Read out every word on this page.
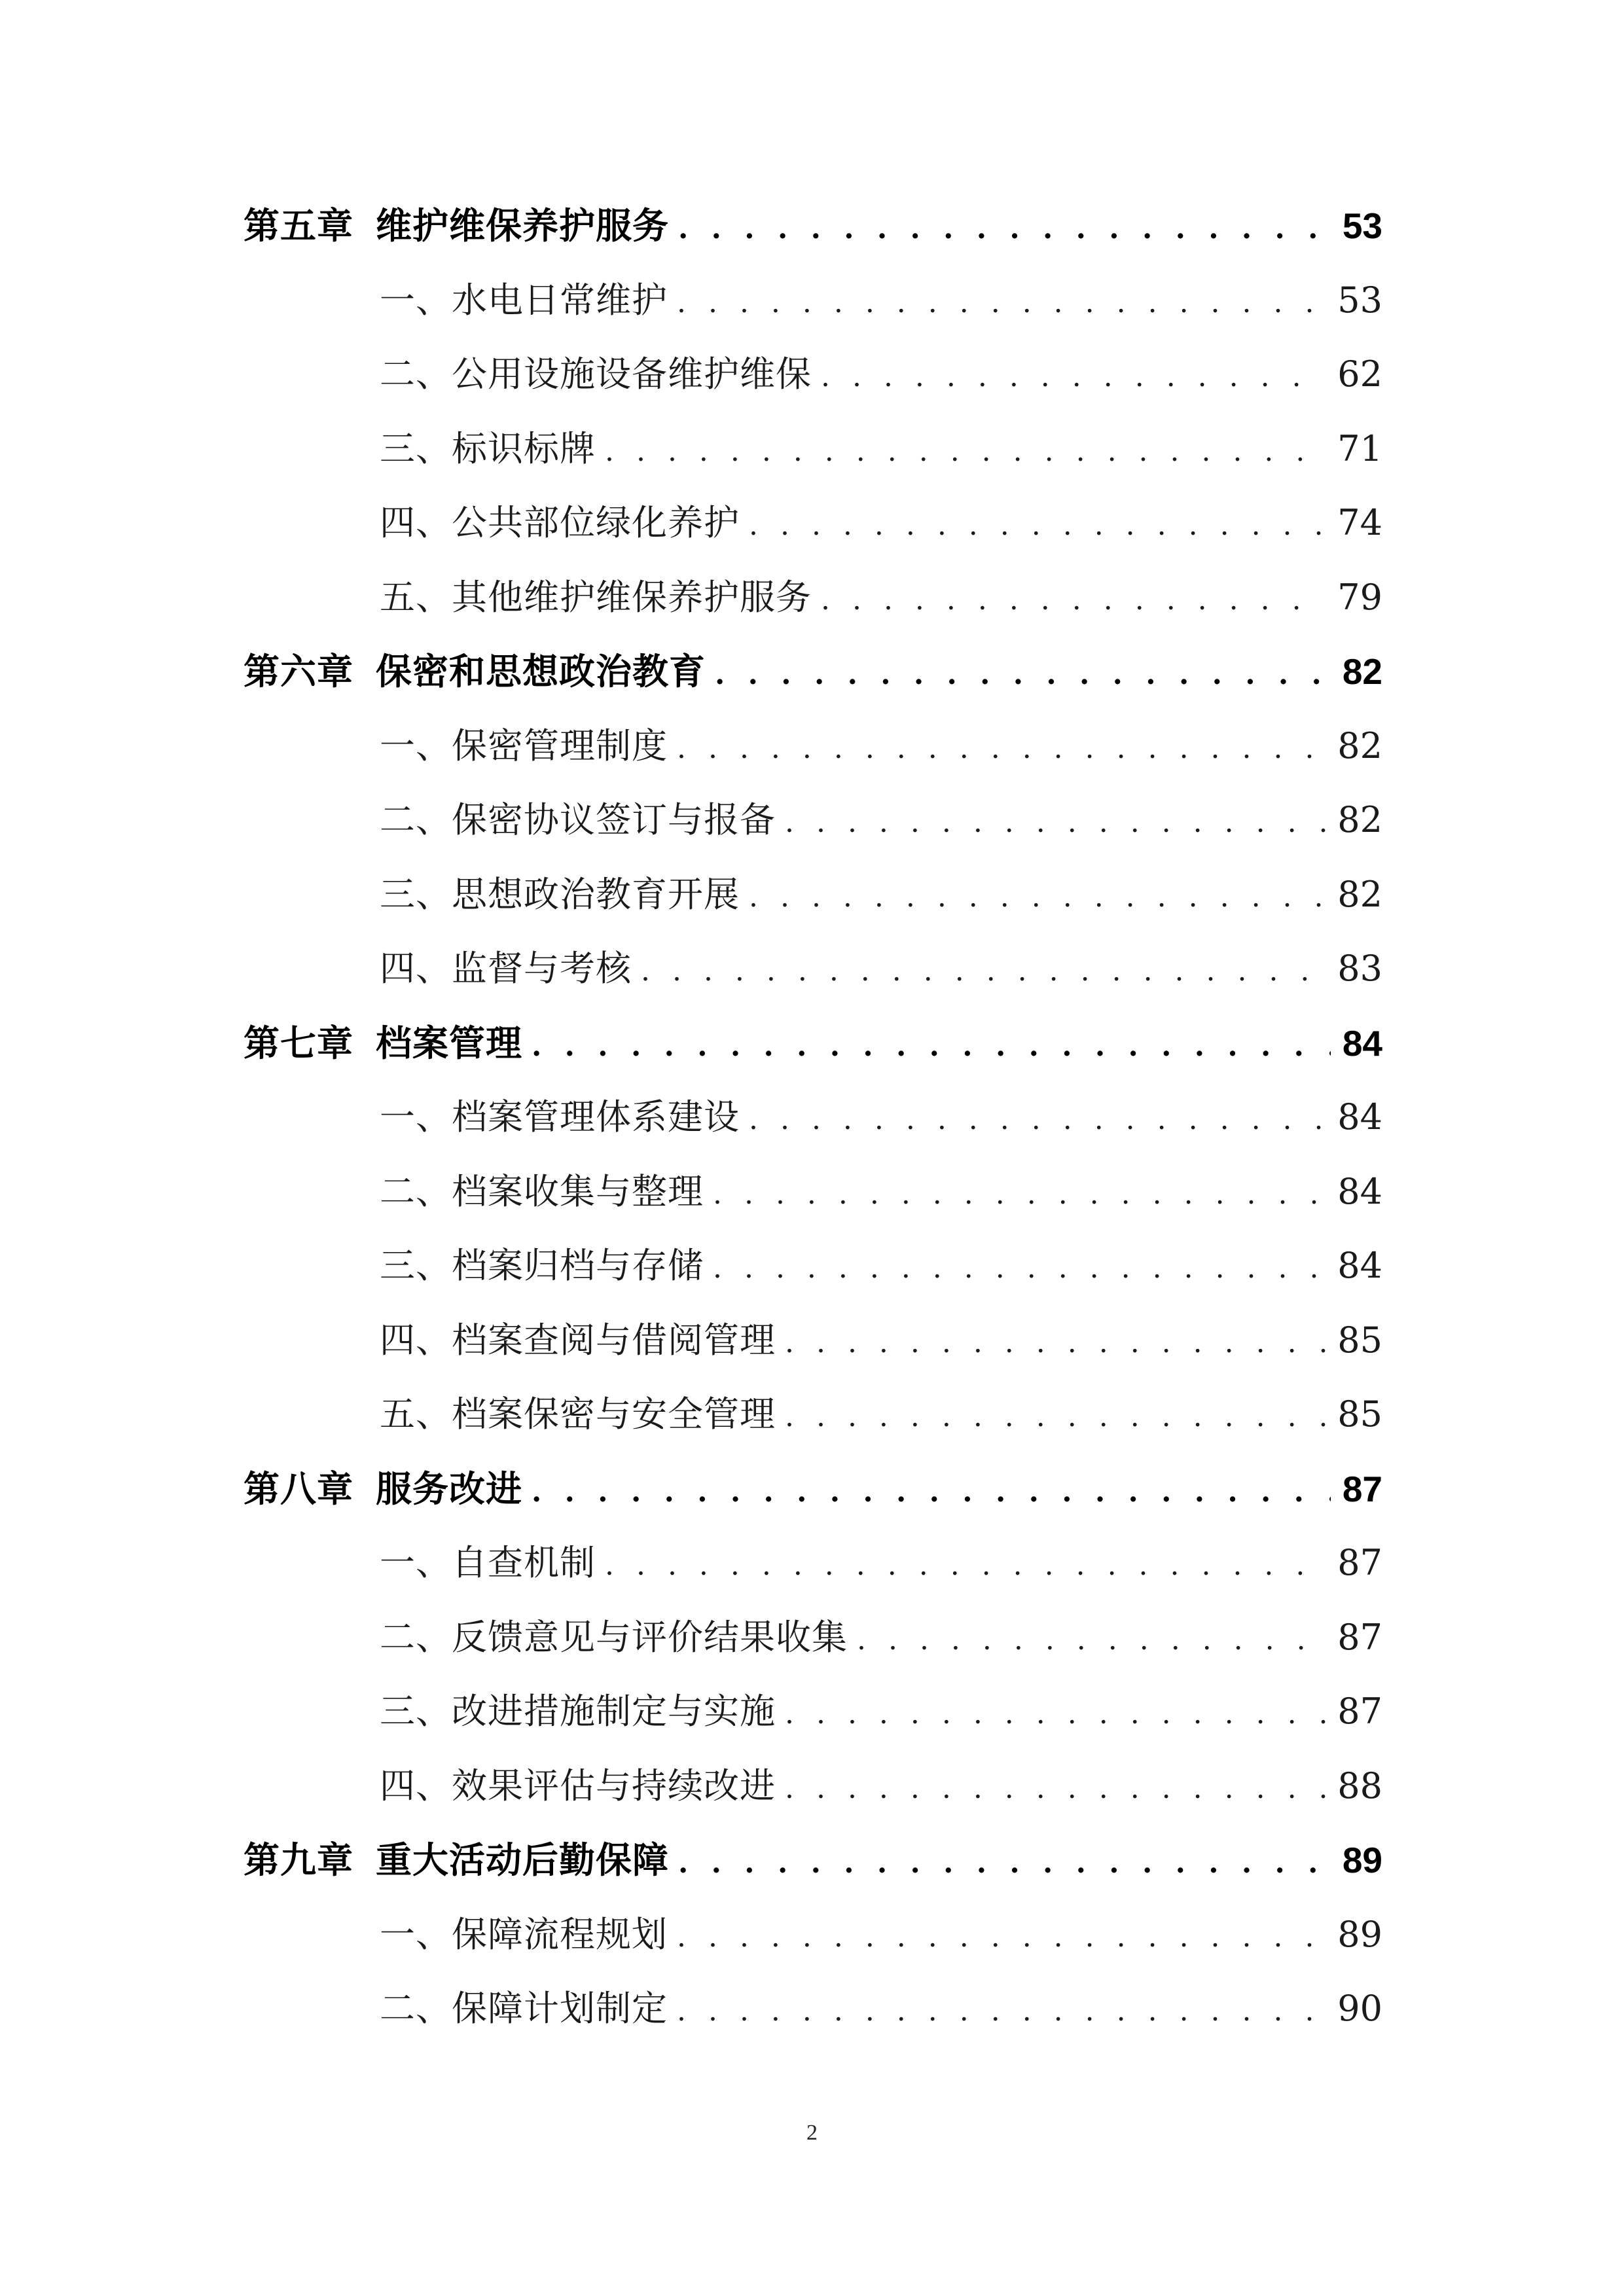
第五章 维护维保养护服务 . . .	53
一、水电日常维护 . . .	53
二、公用设施设备维护维保 . . .	62
三、标识标牌 . . .	71
四、公共部位绿化养护 . . .	74
五、其他维护维保养护服务 . . .	79
第六章 保密和思想政治教育 . . .	82
一、保密管理制度 . . .	82
二、保密协议签订与报备 . . .	82
三、思想政治教育开展 . . .	82
四、监督与考核 . . .	83
第七章 档案管理 . . .	84
一、档案管理体系建设 . . .	84
二、档案收集与整理 . . .	84
三、档案归档与存储 . . .	84
四、档案查阅与借阅管理 . . .	85
五、档案保密与安全管理 . . .	85
第八章 服务改进 . . .	87
一、自查机制 . . .	87
二、反馈意见与评价结果收集 . . .	87
三、改进措施制定与实施 . . .	87
四、效果评估与持续改进 . . .	88
第九章 重大活动后勤保障 . . .	89
一、保障流程规划 . . .	89
二、保障计划制定 . . .	90
2
